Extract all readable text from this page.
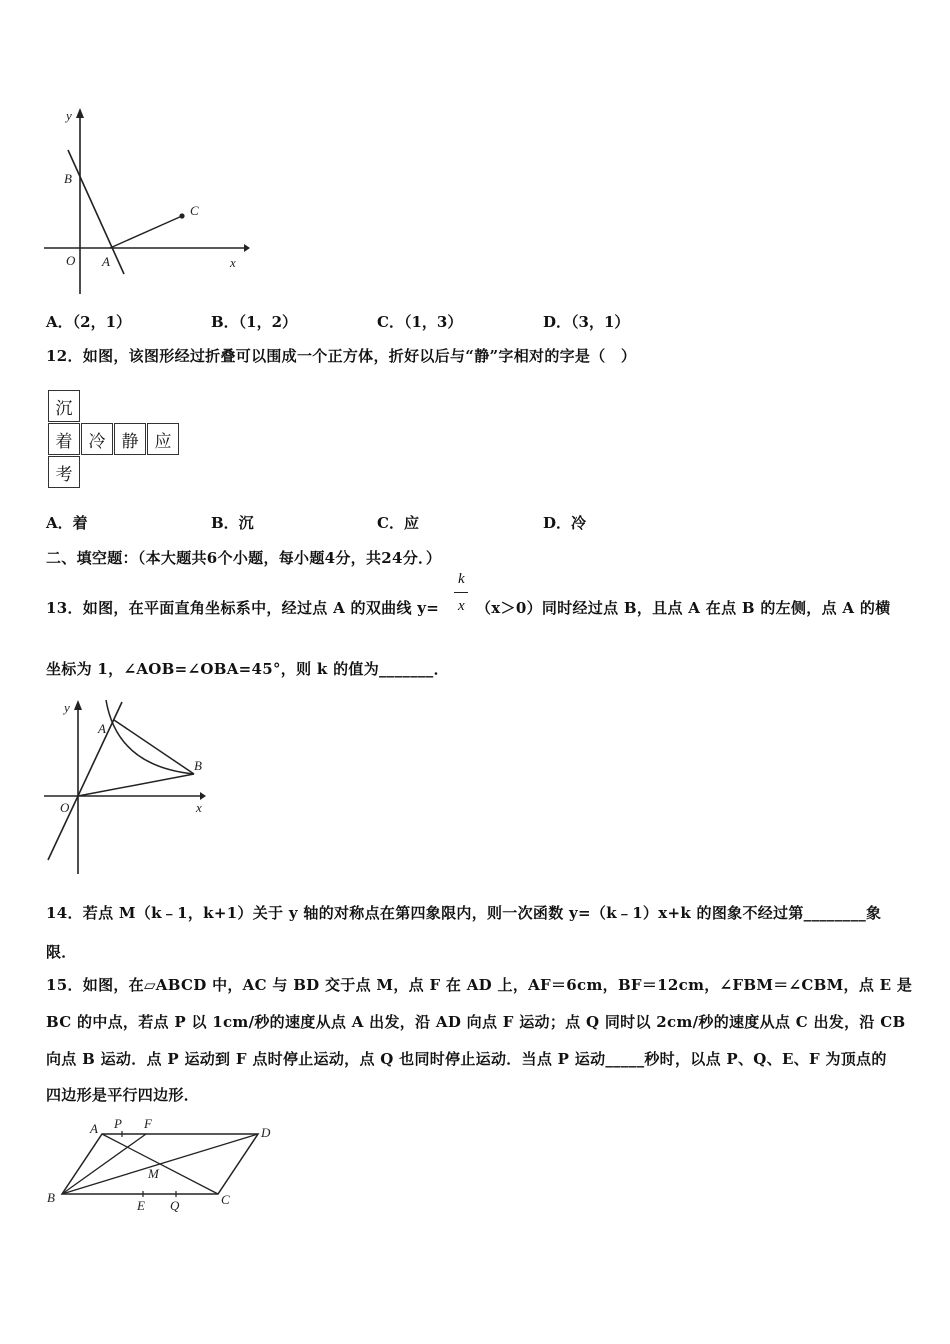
y
B
C
O A	x
A．（2，1）	B．（1，2）	C．（1，3）	D．（3，1）
12．如图，该图形经过折叠可以围成一个正方体，折好以后与“静”字相对的字是（　）
沉
着 冷 静 应
考
A．着	B．沉	C．应	D．冷
二、填空题：（本大题共6个小题，每小题4分，共24分．）
13．如图，在平面直角坐标系中，经过点 A 的双曲线 y=
k
x （x＞0）同时经过点 B，且点 A 在点 B 的左侧，点 A 的横
坐标为 1，∠AOB=∠OBA=45°，则 k 的值为_______．
y
A
B
O	x
14．若点 M（k﹣1，k+1）关于 y 轴的对称点在第四象限内，则一次函数 y=（k﹣1）x+k 的图象不经过第________象
限．
15．如图，在▱ABCD 中，AC 与 BD 交于点 M，点 F 在 AD 上，AF＝6cm，BF＝12cm，∠FBM＝∠CBM，点 E 是
BC 的中点，若点 P 以 1cm/秒的速度从点 A 出发，沿 AD 向点 F 运动；点 Q 同时以 2cm/秒的速度从点 C 出发，沿 CB
向点 B 运动．点 P 运动到 F 点时停止运动，点 Q 也同时停止运动．当点 P 运动_____秒时，以点 P、Q、E、F 为顶点的
四边形是平行四边形．
A P F
D
M
B
E Q	C
